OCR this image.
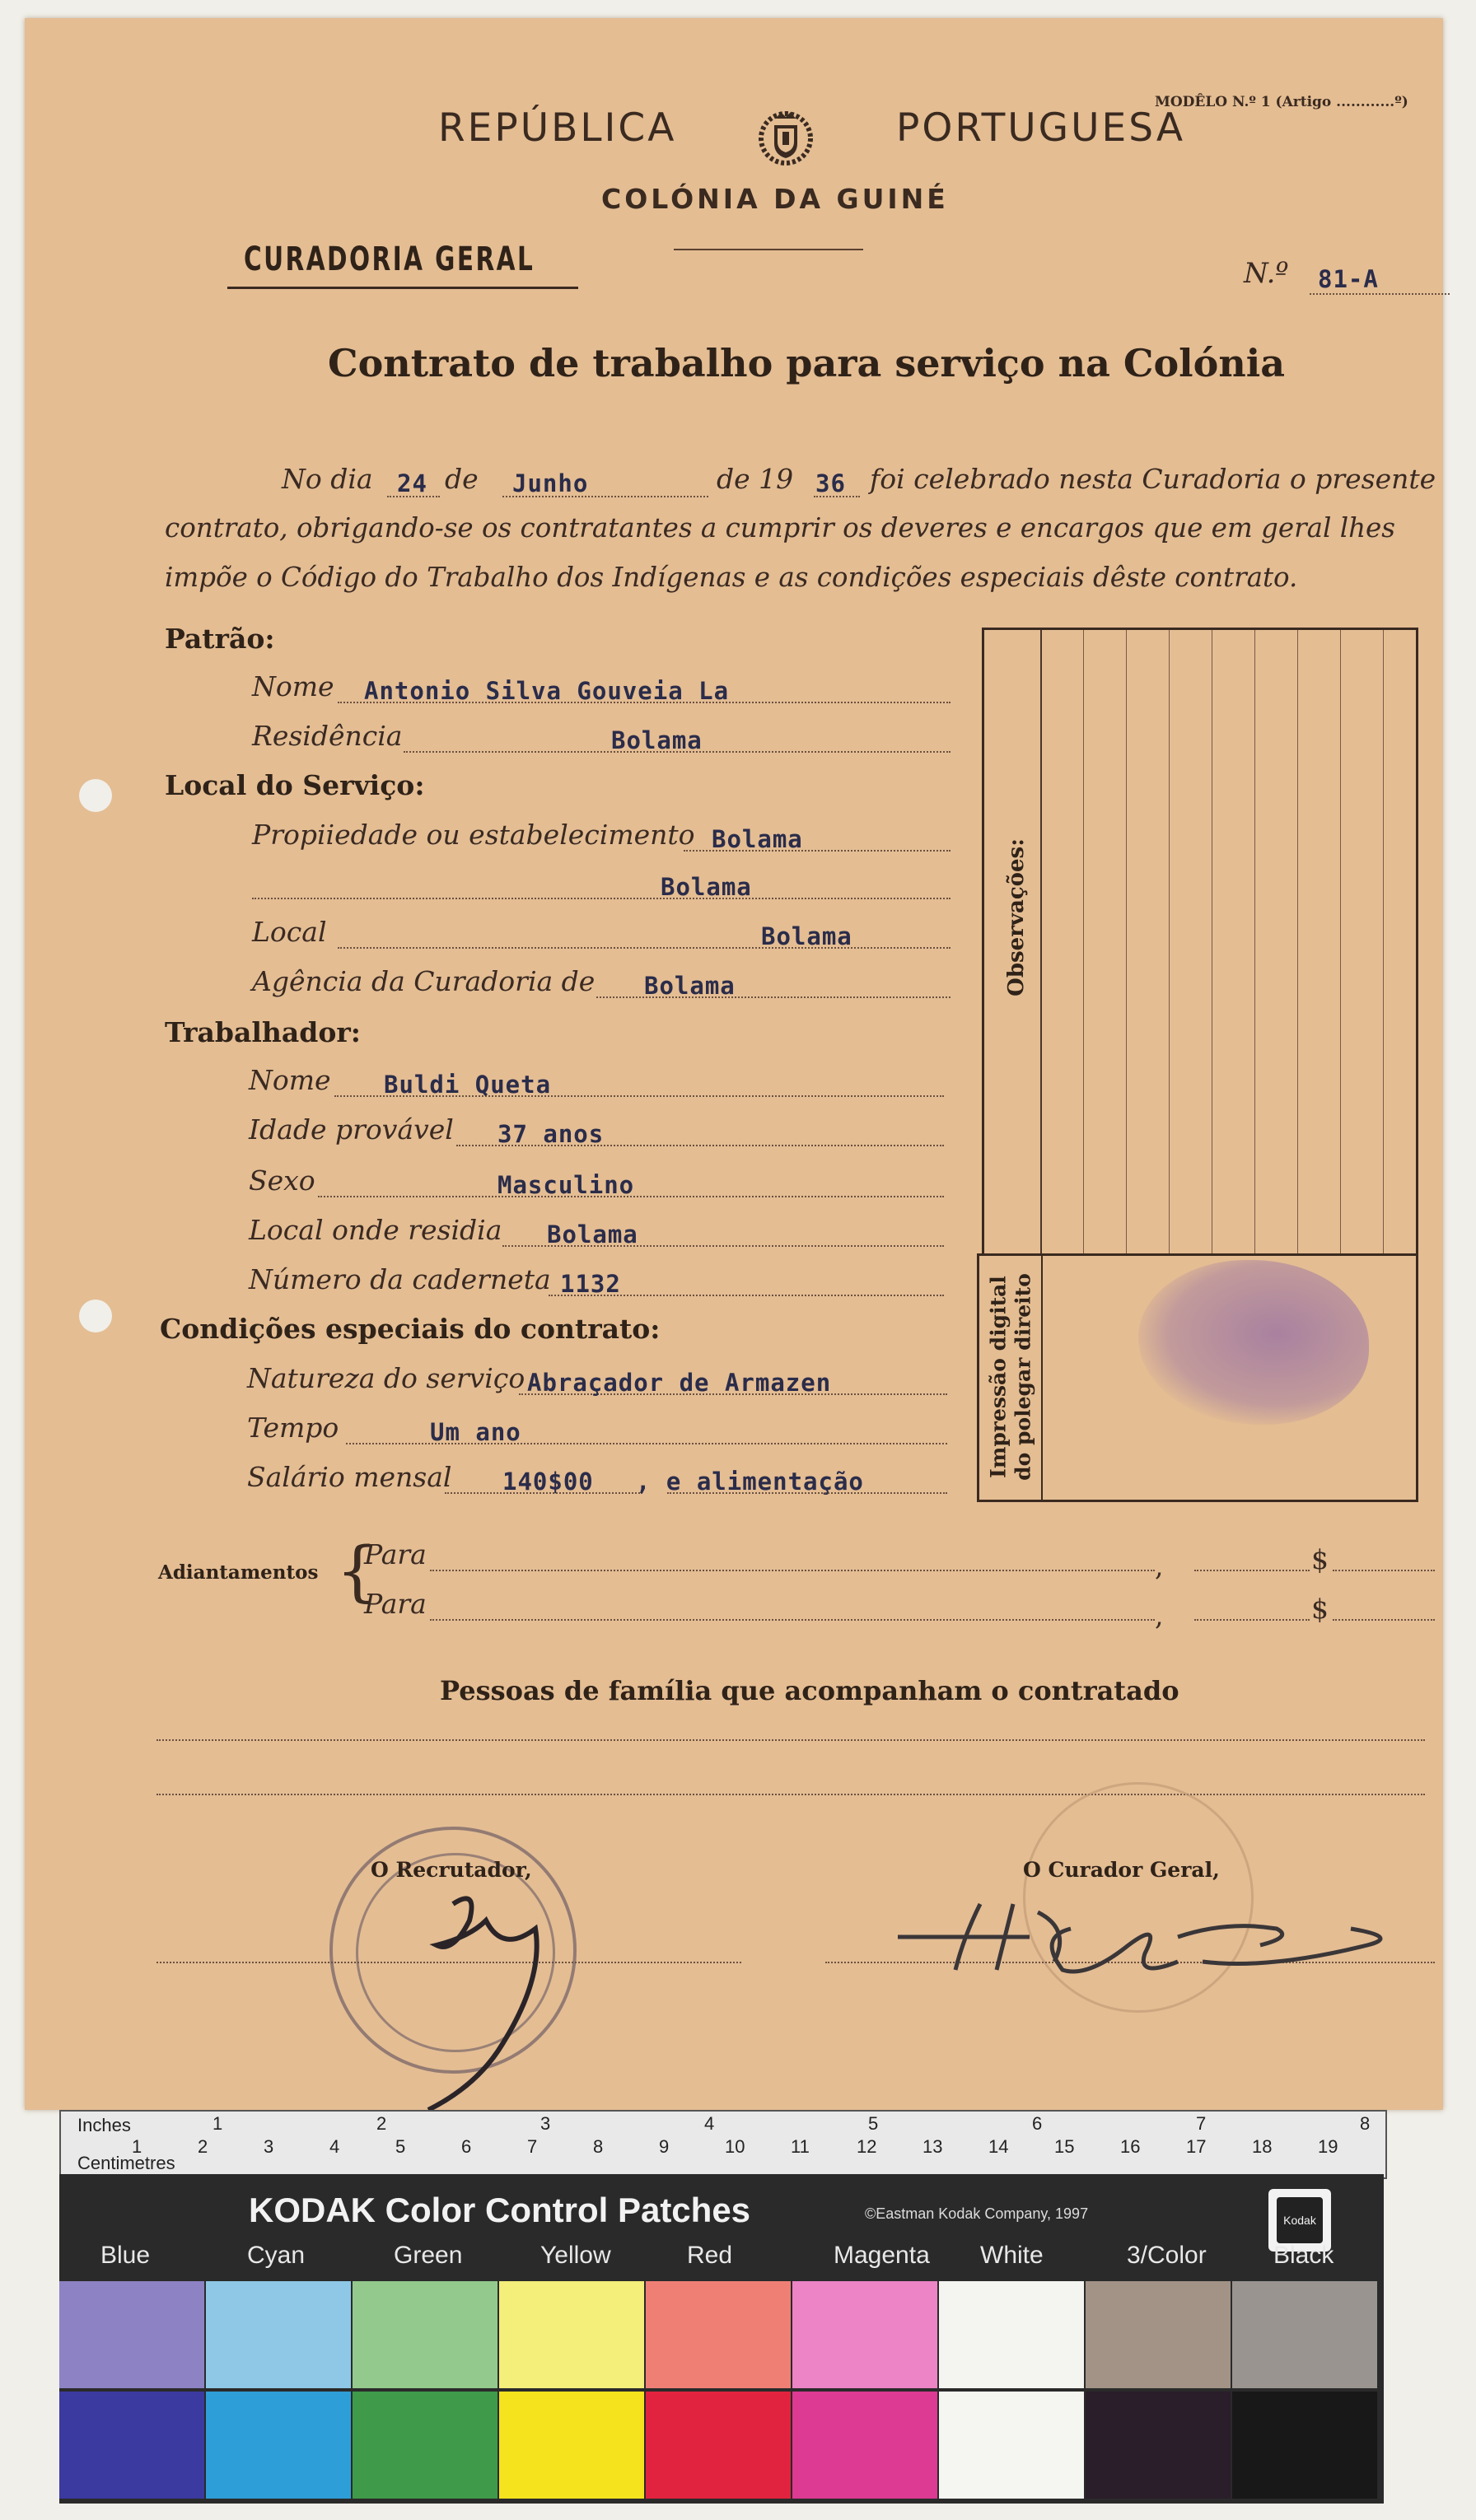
MODÊLO N.º 1 (Artigo ............º)
REPÚBLICA	PORTUGUESA
COLÓNIA DA GUINÉ
CURADORIA GERAL	N.º 81-A
Contrato de trabalho para serviço na Colónia
No dia 24 de Junho	de 19 36 foi celebrado nesta Curadoria o presente
contrato, obrigando-se os contratantes a cumprir os deveres e encargos que em geral lhes
impõe o Código do Trabalho dos Indígenas e as condições especiais dêste contrato.
Patrão:
Nome Antonio Silva Gouveia La
Residência	Bolama
Local do Serviço:
Propiiedade ou estabelecimento Bolama
Bolama
Local	Bolama
Agência da Curadoria de Bolama
Trabalhador:
Nome Buldi Queta
Idade provável 37 anos
Sexo	Masculino
Local onde residia Bolama
Número da caderneta 1132
Condições especiais do contrato:
Natureza do serviço Abraçador de Armazen
Tempo	Um ano
Salário mensal 140$00 , e alimentação
Observações:
Impressão digital do polegar direito
Adiantamentos {
Para	,	$
Para	,	$
Pessoas de família que acompanham o contratado
O Recrutador,	O Curador Geral,
Inches
Centimetres
1	2	3	4	5	6	7	8
1	2	3	4	5	6	7	8	9	10	11	12	13	14	15	16	17	18	19
KODAK Color Control Patches	©Eastman Kodak Company, 1997	Kodak
Blue	Cyan	Green	Yellow	Red	Magenta White	3/Color	Black
